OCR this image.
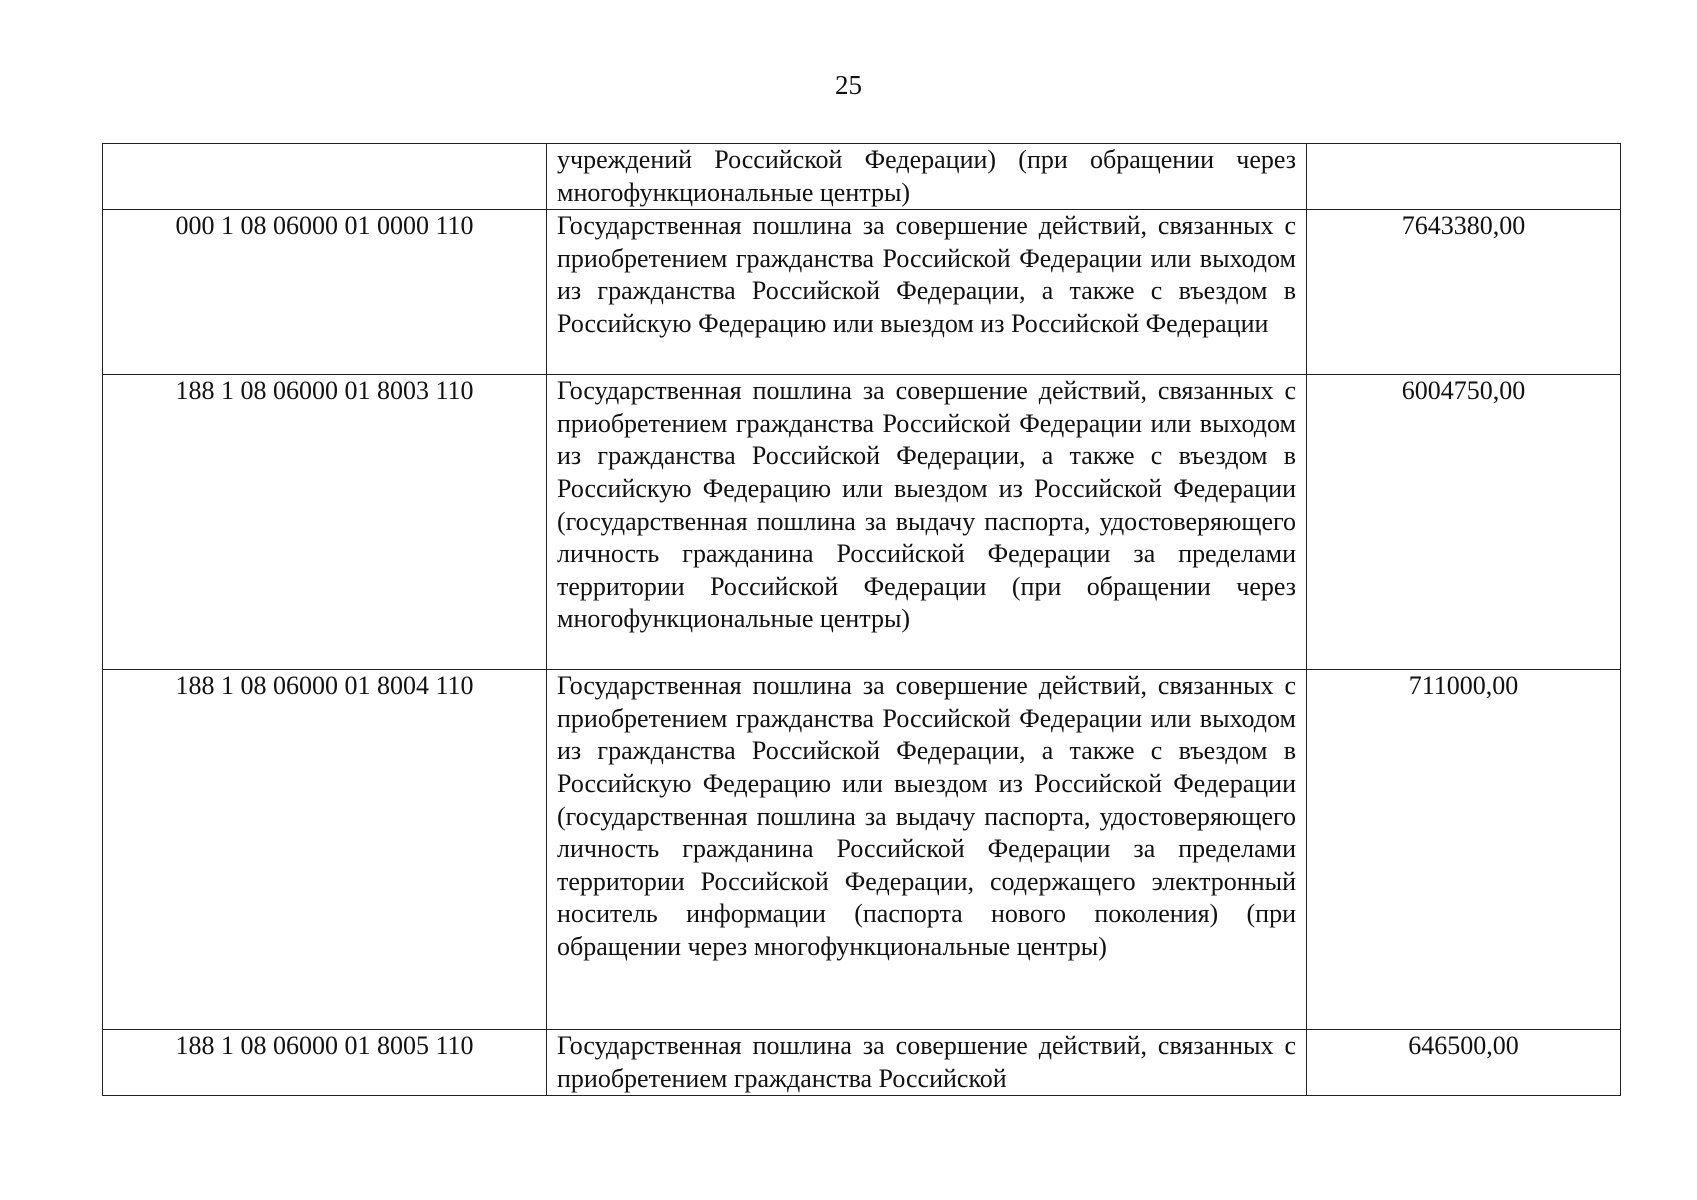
25
	учреждений Российской Федерации) (при обращении через многофункциональные центры)	
000 1 08 06000 01 0000 110	Государственная пошлина за совершение действий, связанных с приобретением гражданства Российской Федерации или выходом из гражданства Российской Федерации, а также с въездом в Российскую Федерацию или выездом из Российской Федерации	7643380,00
188 1 08 06000 01 8003 110	Государственная пошлина за совершение действий, связанных с приобретением гражданства Российской Федерации или выходом из гражданства Российской Федерации, а также с въездом в Российскую Федерацию или выездом из Российской Федерации (государственная пошлина за выдачу паспорта, удостоверяющего личность гражданина Российской Федерации за пределами территории Российской Федерации (при обращении через многофункциональные центры)	6004750,00
188 1 08 06000 01 8004 110	Государственная пошлина за совершение действий, связанных с приобретением гражданства Российской Федерации или выходом из гражданства Российской Федерации, а также с въездом в Российскую Федерацию или выездом из Российской Федерации (государственная пошлина за выдачу паспорта, удостоверяющего личность гражданина Российской Федерации за пределами территории Российской Федерации, содержащего электронный носитель информации (паспорта нового поколения) (при обращении через многофункциональные центры)	711000,00
188 1 08 06000 01 8005 110	Государственная пошлина за совершение действий, связанных с приобретением гражданства Российской	646500,00
